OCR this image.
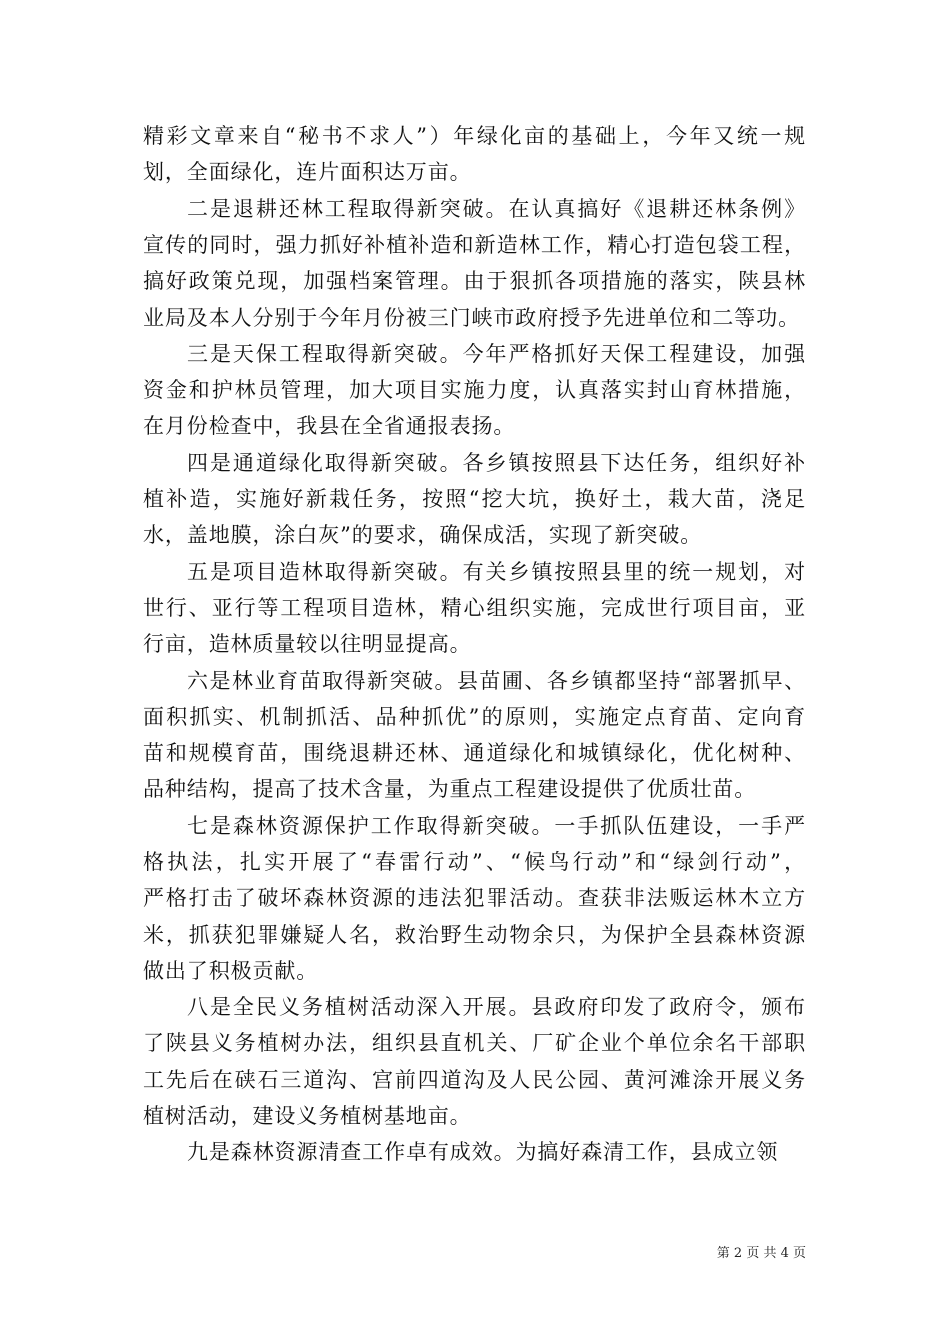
精彩文章来自“秘书不求人”）年绿化亩的基础上，今年又统一规
划，全面绿化，连片面积达万亩。
二是退耕还林工程取得新突破。在认真搞好《退耕还林条例》
宣传的同时，强力抓好补植补造和新造林工作，精心打造包袋工程，
搞好政策兑现，加强档案管理。由于狠抓各项措施的落实，陕县林
业局及本人分别于今年月份被三门峡市政府授予先进单位和二等功。
三是天保工程取得新突破。今年严格抓好天保工程建设，加强
资金和护林员管理，加大项目实施力度，认真落实封山育林措施，
在月份检查中，我县在全省通报表扬。
四是通道绿化取得新突破。各乡镇按照县下达任务，组织好补
植补造，实施好新栽任务，按照“挖大坑，换好土，栽大苗，浇足
水，盖地膜，涂白灰”的要求，确保成活，实现了新突破。
五是项目造林取得新突破。有关乡镇按照县里的统一规划，对
世行、亚行等工程项目造林，精心组织实施，完成世行项目亩，亚
行亩，造林质量较以往明显提高。
六是林业育苗取得新突破。县苗圃、各乡镇都坚持“部署抓早、
面积抓实、机制抓活、品种抓优”的原则，实施定点育苗、定向育
苗和规模育苗，围绕退耕还林、通道绿化和城镇绿化，优化树种、
品种结构，提高了技术含量，为重点工程建设提供了优质壮苗。
七是森林资源保护工作取得新突破。一手抓队伍建设，一手严
格执法，扎实开展了“春雷行动”、“候鸟行动”和“绿剑行动”，
严格打击了破坏森林资源的违法犯罪活动。查获非法贩运林木立方
米，抓获犯罪嫌疑人名，救治野生动物余只，为保护全县森林资源
做出了积极贡献。
八是全民义务植树活动深入开展。县政府印发了政府令，颁布
了陕县义务植树办法，组织县直机关、厂矿企业个单位余名干部职
工先后在硖石三道沟、宫前四道沟及人民公园、黄河滩涂开展义务
植树活动，建设义务植树基地亩。
九是森林资源清查工作卓有成效。为搞好森清工作，县成立领
第 2 页 共 4 页
